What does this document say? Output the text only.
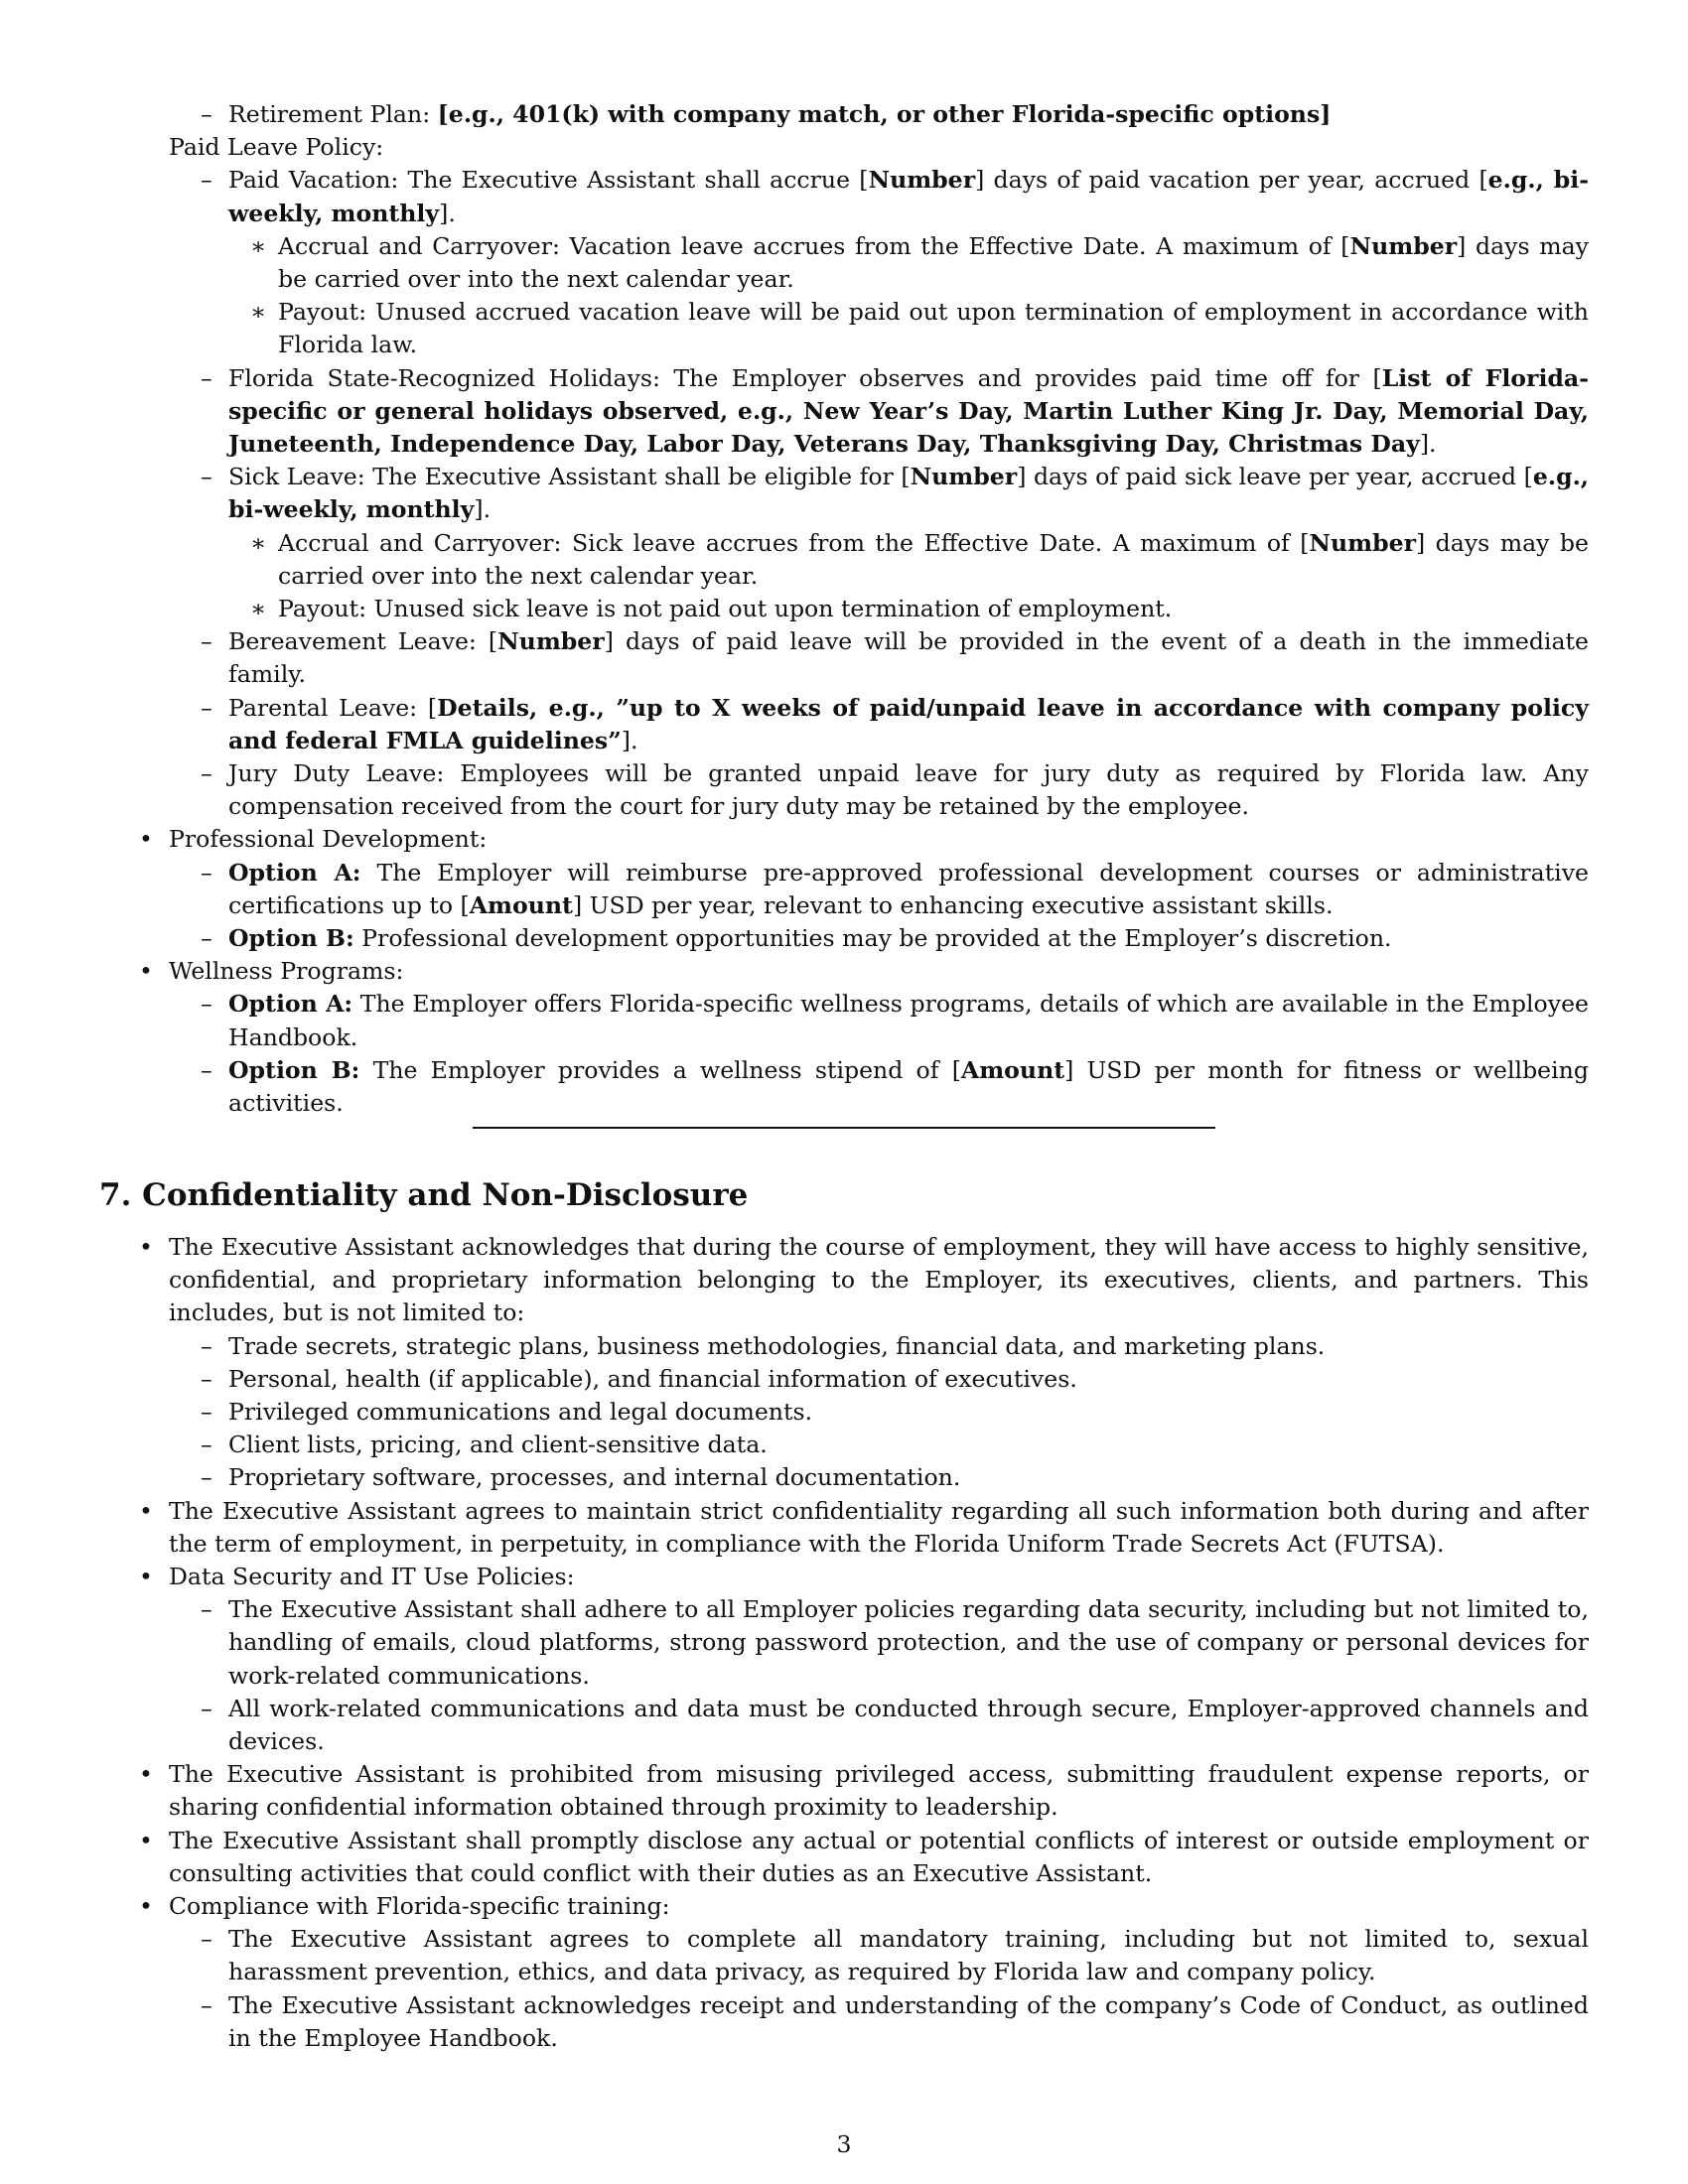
– Retirement Plan: [e.g., 401(k) with company match, or other Florida-specific options]
Paid Leave Policy:
– Paid Vacation: The Executive Assistant shall accrue [Number] days of paid vacation per year, accrued [e.g., bi-weekly, monthly].
∗ Accrual and Carryover: Vacation leave accrues from the Effective Date. A maximum of [Number] days may be carried over into the next calendar year.
∗ Payout: Unused accrued vacation leave will be paid out upon termination of employment in accordance with Florida law.
– Florida State-Recognized Holidays: The Employer observes and provides paid time off for [List of Florida-specific or general holidays observed, e.g., New Year’s Day, Martin Luther King Jr. Day, Memorial Day, Juneteenth, Independence Day, Labor Day, Veterans Day, Thanksgiving Day, Christmas Day].
– Sick Leave: The Executive Assistant shall be eligible for [Number] days of paid sick leave per year, accrued [e.g., bi-weekly, monthly].
∗ Accrual and Carryover: Sick leave accrues from the Effective Date. A maximum of [Number] days may be carried over into the next calendar year.
∗ Payout: Unused sick leave is not paid out upon termination of employment.
– Bereavement Leave: [Number] days of paid leave will be provided in the event of a death in the immediate family.
– Parental Leave: [Details, e.g., ”up to X weeks of paid/unpaid leave in accordance with company policy and federal FMLA guidelines”].
– Jury Duty Leave: Employees will be granted unpaid leave for jury duty as required by Florida law. Any compensation received from the court for jury duty may be retained by the employee.
• Professional Development:
– Option A: The Employer will reimburse pre-approved professional development courses or administrative certifications up to [Amount] USD per year, relevant to enhancing executive assistant skills.
– Option B: Professional development opportunities may be provided at the Employer’s discretion.
• Wellness Programs:
– Option A: The Employer offers Florida-specific wellness programs, details of which are available in the Employee Handbook.
– Option B: The Employer provides a wellness stipend of [Amount] USD per month for fitness or wellbeing activities.
7. Confidentiality and Non-Disclosure
• The Executive Assistant acknowledges that during the course of employment, they will have access to highly sensitive, confidential, and proprietary information belonging to the Employer, its executives, clients, and partners. This includes, but is not limited to:
– Trade secrets, strategic plans, business methodologies, financial data, and marketing plans.
– Personal, health (if applicable), and financial information of executives.
– Privileged communications and legal documents.
– Client lists, pricing, and client-sensitive data.
– Proprietary software, processes, and internal documentation.
• The Executive Assistant agrees to maintain strict confidentiality regarding all such information both during and after the term of employment, in perpetuity, in compliance with the Florida Uniform Trade Secrets Act (FUTSA).
• Data Security and IT Use Policies:
– The Executive Assistant shall adhere to all Employer policies regarding data security, including but not limited to, handling of emails, cloud platforms, strong password protection, and the use of company or personal devices for work-related communications.
– All work-related communications and data must be conducted through secure, Employer-approved channels and devices.
• The Executive Assistant is prohibited from misusing privileged access, submitting fraudulent expense reports, or sharing confidential information obtained through proximity to leadership.
• The Executive Assistant shall promptly disclose any actual or potential conflicts of interest or outside employment or consulting activities that could conflict with their duties as an Executive Assistant.
• Compliance with Florida-specific training:
– The Executive Assistant agrees to complete all mandatory training, including but not limited to, sexual harassment prevention, ethics, and data privacy, as required by Florida law and company policy.
– The Executive Assistant acknowledges receipt and understanding of the company’s Code of Conduct, as outlined in the Employee Handbook.
3
